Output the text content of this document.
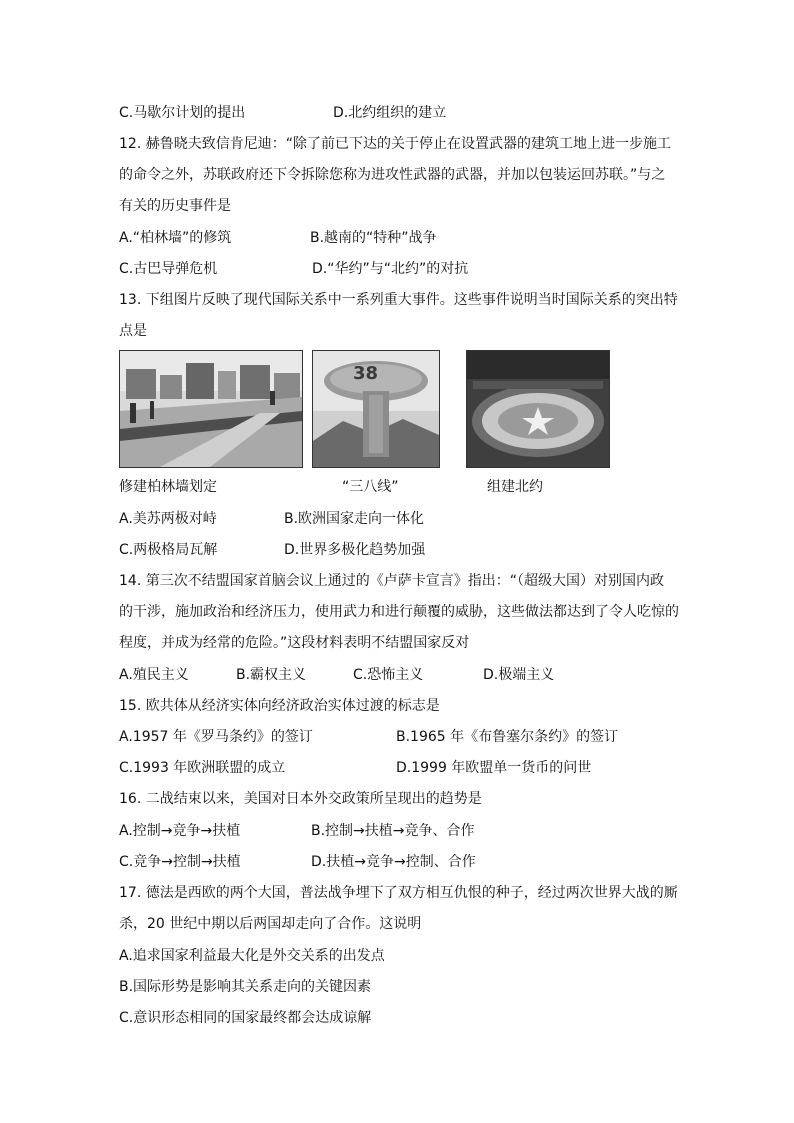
C.马歇尔计划的提出	D.北约组织的建立
12. 赫鲁晓夫致信肯尼迪：“除了前已下达的关于停止在设置武器的建筑工地上进一步施工
的命令之外，苏联政府还下令拆除您称为进攻性武器的武器，并加以包装运回苏联。”与之
有关的历史事件是
A.“柏林墙”的修筑	B.越南的“特种”战争
C.古巴导弹危机	D.“华约”与“北约”的对抗
13. 下组图片反映了现代国际关系中一系列重大事件。这些事件说明当时国际关系的突出特
点是
38
修建柏林墙划定	“三八线”	组建北约
A.美苏两极对峙	B.欧洲国家走向一体化
C.两极格局瓦解	D.世界多极化趋势加强
14. 第三次不结盟国家首脑会议上通过的《卢萨卡宣言》指出：“（超级大国）对别国内政
的干涉，施加政治和经济压力，使用武力和进行颠覆的威胁，这些做法都达到了令人吃惊的
程度，并成为经常的危险。”这段材料表明不结盟国家反对
A.殖民主义	B.霸权主义	C.恐怖主义	D.极端主义
15. 欧共体从经济实体向经济政治实体过渡的标志是
A.1957 年《罗马条约》的签订	B.1965 年《布鲁塞尔条约》的签订
C.1993 年欧洲联盟的成立	D.1999 年欧盟单一货币的问世
16. 二战结束以来，美国对日本外交政策所呈现出的趋势是
A.控制→竞争→扶植	B.控制→扶植→竞争、合作
C.竞争→控制→扶植	D.扶植→竞争→控制、合作
17. 德法是西欧的两个大国，普法战争埋下了双方相互仇恨的种子，经过两次世界大战的厮
杀，20 世纪中期以后两国却走向了合作。这说明
A.追求国家利益最大化是外交关系的出发点
B.国际形势是影响其关系走向的关键因素
C.意识形态相同的国家最终都会达成谅解
